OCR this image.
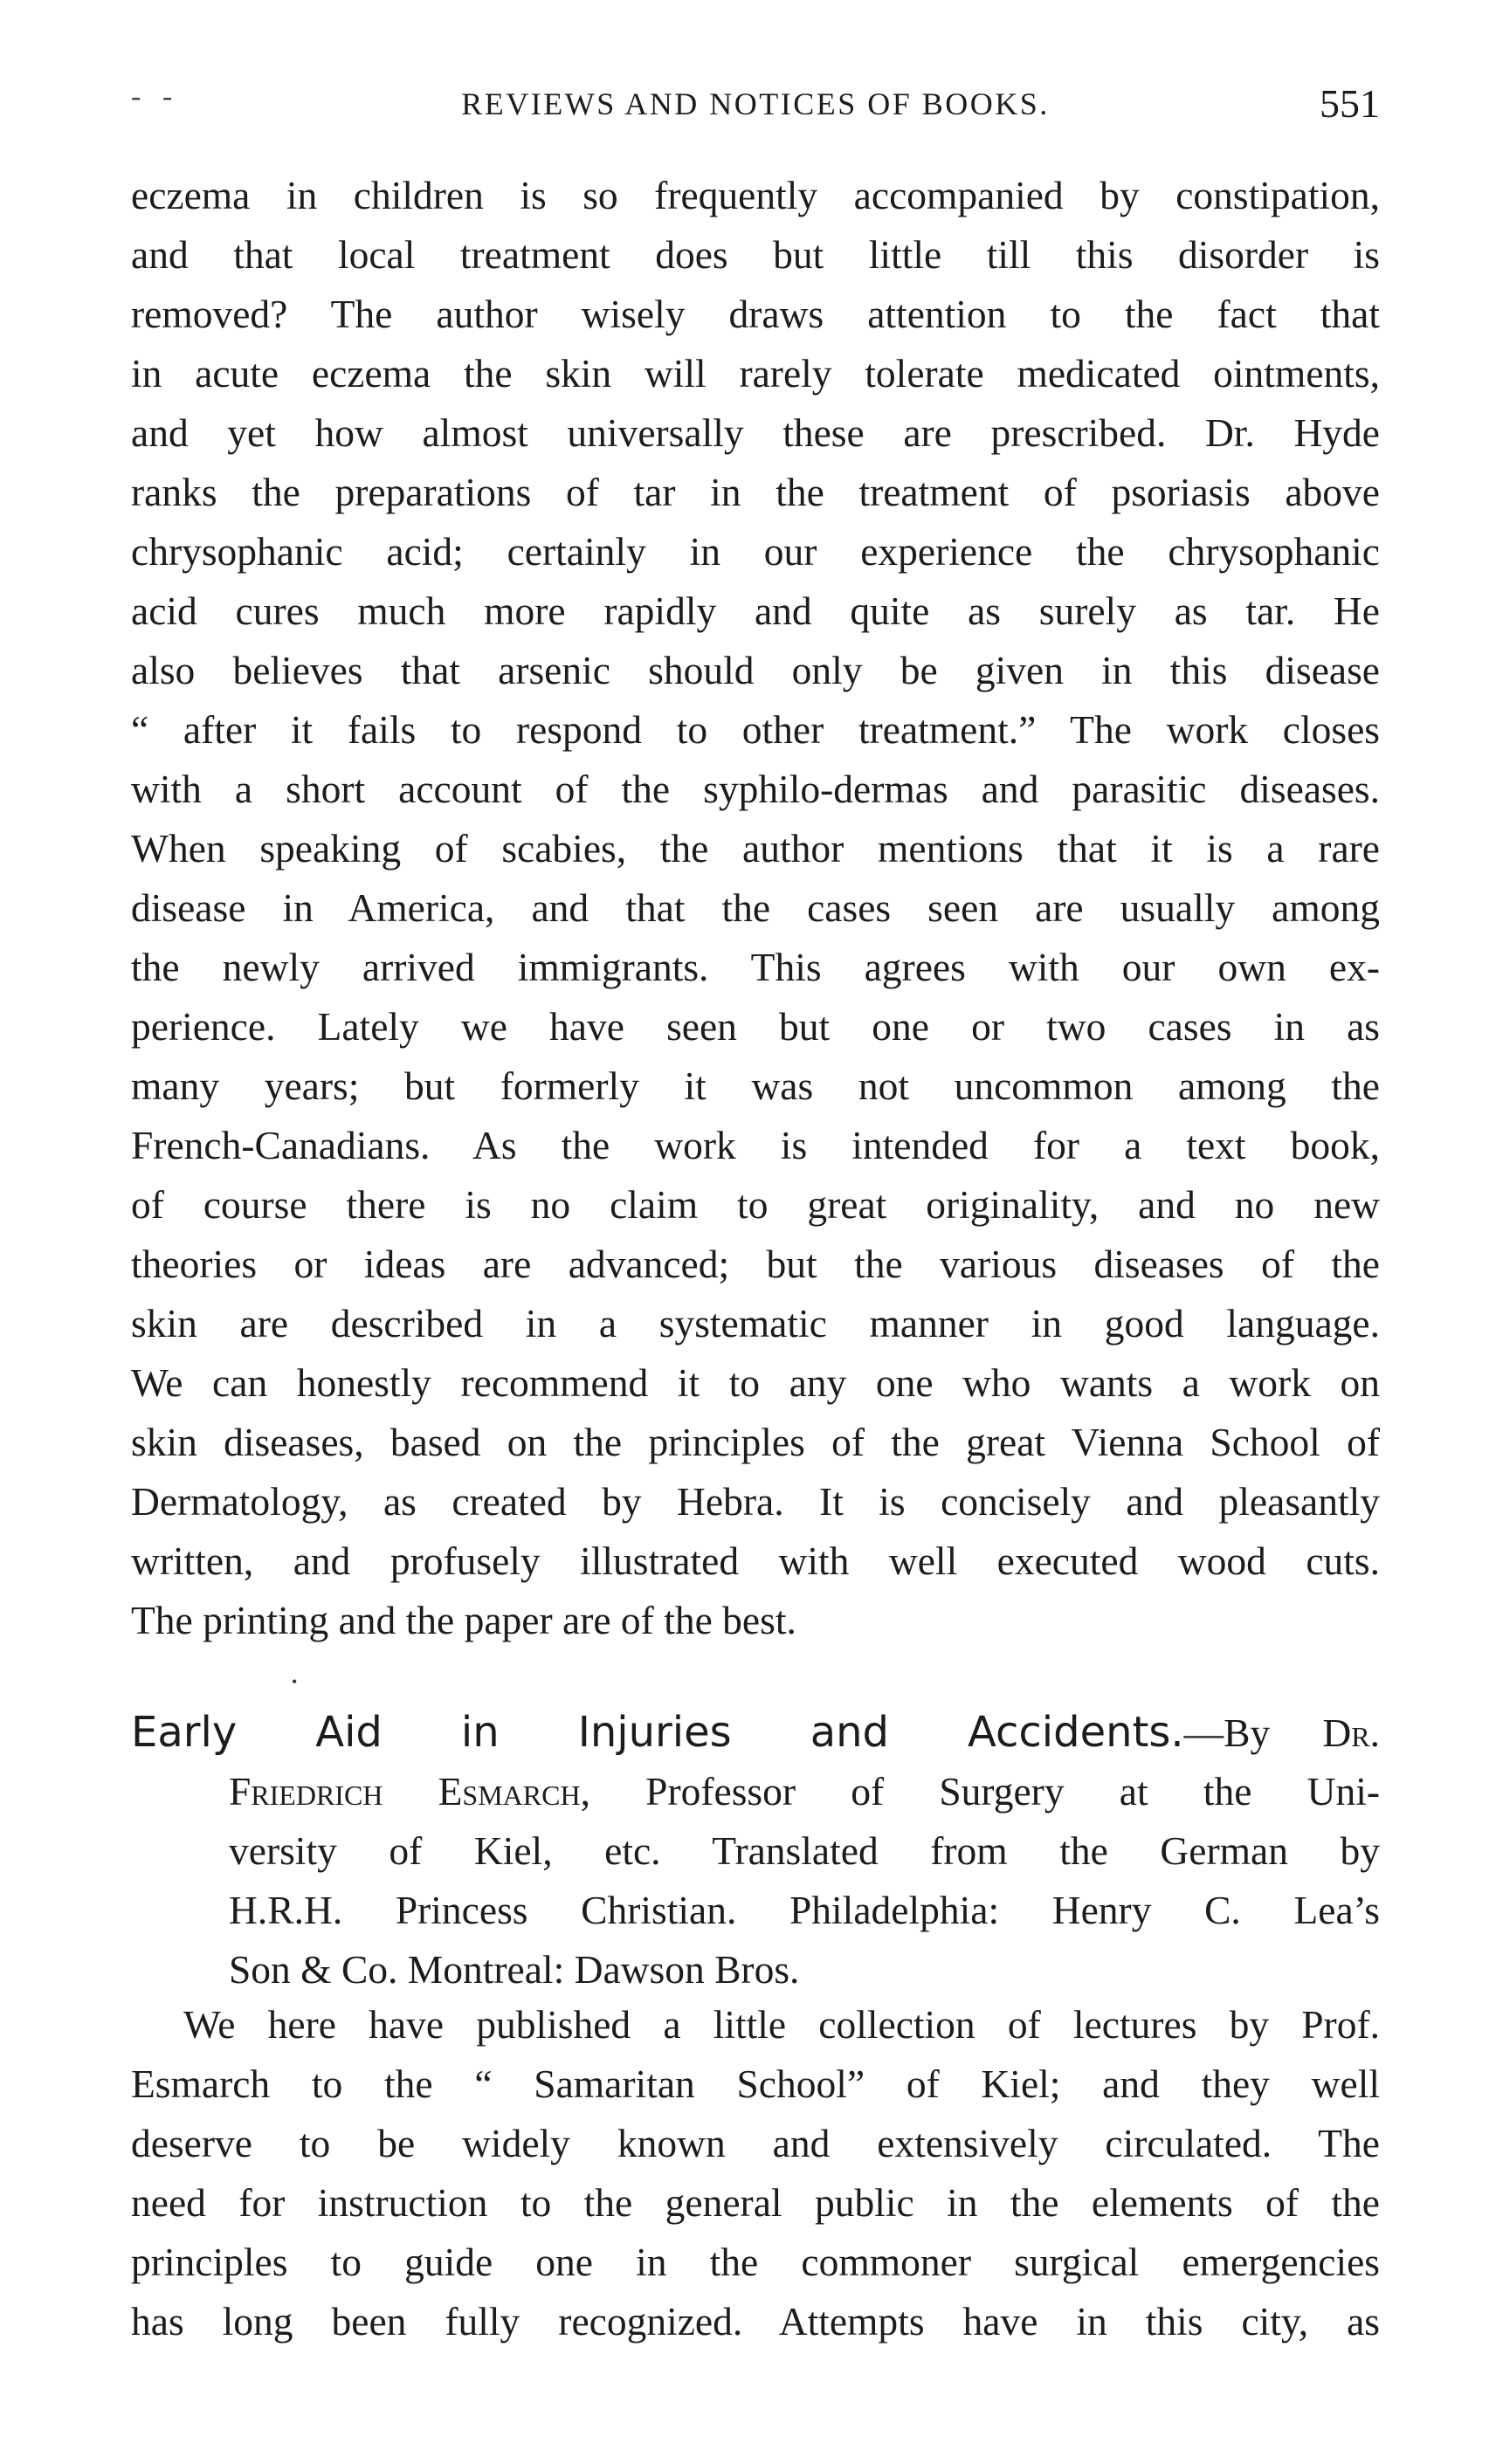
- -	REVIEWS AND NOTICES OF BOOKS.	551
eczema in children is so frequently accompanied by constipation,
and that local treatment does but little till this disorder is
removed? The author wisely draws attention to the fact that
in acute eczema the skin will rarely tolerate medicated ointments,
and yet how almost universally these are prescribed. Dr. Hyde
ranks the preparations of tar in the treatment of psoriasis above
chrysophanic acid; certainly in our experience the chrysophanic
acid cures much more rapidly and quite as surely as tar. He
also believes that arsenic should only be given in this disease
“ after it fails to respond to other treatment.” The work closes
with a short account of the syphilo-dermas and parasitic diseases.
When speaking of scabies, the author mentions that it is a rare
disease in America, and that the cases seen are usually among
the newly arrived immigrants. This agrees with our own ex-
perience. Lately we have seen but one or two cases in as
many years; but formerly it was not uncommon among the
French-Canadians. As the work is intended for a text book,
of course there is no claim to great originality, and no new
theories or ideas are advanced; but the various diseases of the
skin are described in a systematic manner in good language.
We can honestly recommend it to any one who wants a work on
skin diseases, based on the principles of the great Vienna School of
Dermatology, as created by Hebra. It is concisely and pleasantly
written, and profusely illustrated with well executed wood cuts.
The printing and the paper are of the best.
•
Early Aid in Injuries and Accidents.—By Dr.
Friedrich Esmarch, Professor of Surgery at the Uni-
versity of Kiel, etc. Translated from the German by
H.R.H. Princess Christian. Philadelphia: Henry C. Lea’s
Son & Co. Montreal: Dawson Bros.
We here have published a little collection of lectures by Prof.
Esmarch to the “ Samaritan School” of Kiel; and they well
deserve to be widely known and extensively circulated. The
need for instruction to the general public in the elements of the
principles to guide one in the commoner surgical emergencies
has long been fully recognized. Attempts have in this city, as
